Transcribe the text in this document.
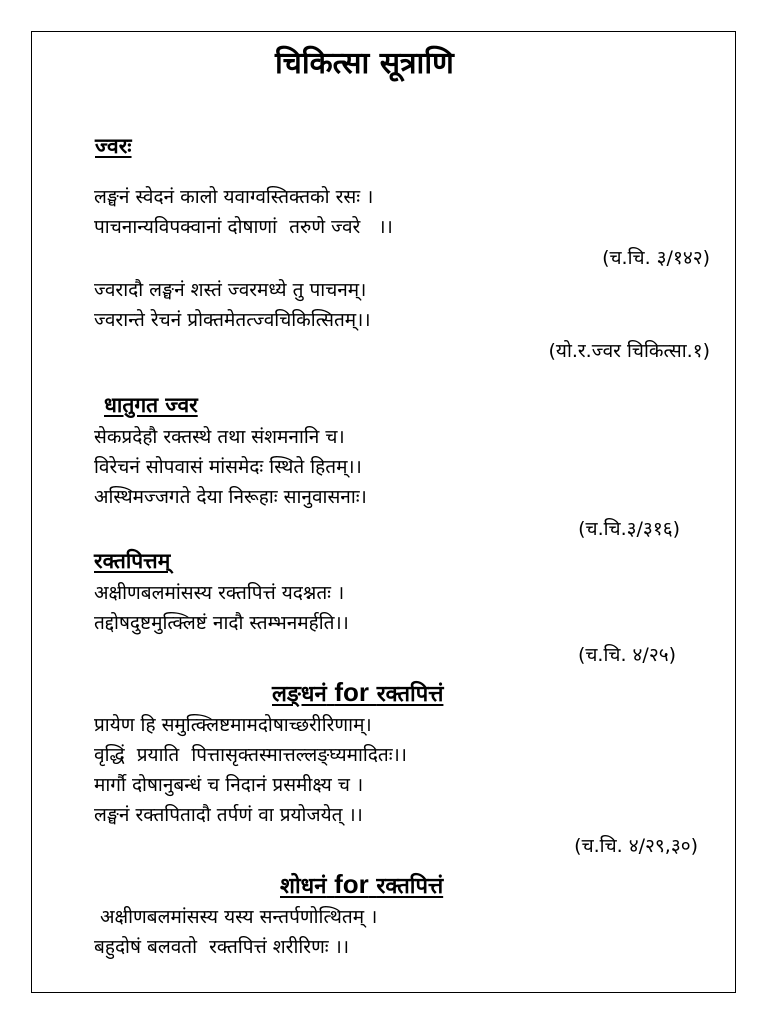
चिकित्सा सूत्राणि
ज्वरः
लङ्घनं स्वेदनं कालो यवाग्वस्तिक्तको रसः ।
पाचनान्यविपक्वानां दोषाणां  तरुणे ज्वरे   ।।
(च.चि. ३/१४२)
ज्वरादौ लङ्घनं शस्तं ज्वरमध्ये तु पाचनम्।
ज्वरान्ते रेचनं प्रोक्तमेतत्ज्वचिकित्सितम्।।
(यो.र.ज्वर चिकित्सा.१)
धातुगत ज्वर
सेकप्रदेहौ रक्तस्थे तथा संशमनानि च।
विरेचनं सोपवासं मांसमेदः स्थिते हितम्।।
अस्थिमज्जगते देया निरूहाः सानुवासनाः।
(च.चि.३/३१६)
रक्तपित्तम्
अक्षीणबलमांसस्य रक्तपित्तं यदश्नतः ।
तद्दोषदुष्टमुत्क्लिष्टं नादौ स्तम्भनमर्हति।।
(च.चि. ४/२५)
लङ्धनं for रक्तपित्तं
प्रायेण हि समुत्क्लिष्टमामदोषाच्छरीरिणाम्।
वृद्धिं  प्रयाति  पित्तासृक्तस्मात्तल्लङ्घ्यमादितः।।
मार्गौ दोषानुबन्धं च निदानं प्रसमीक्ष्य च ।
लङ्घनं रक्तपितादौ तर्पणं वा प्रयोजयेत् ।।
(च.चि. ४/२९,३०)
शोधनं for रक्तपित्तं
अक्षीणबलमांसस्य यस्य सन्तर्पणोत्थितम् ।
बहुदोषं बलवतो  रक्तपित्तं शरीरिणः ।।
